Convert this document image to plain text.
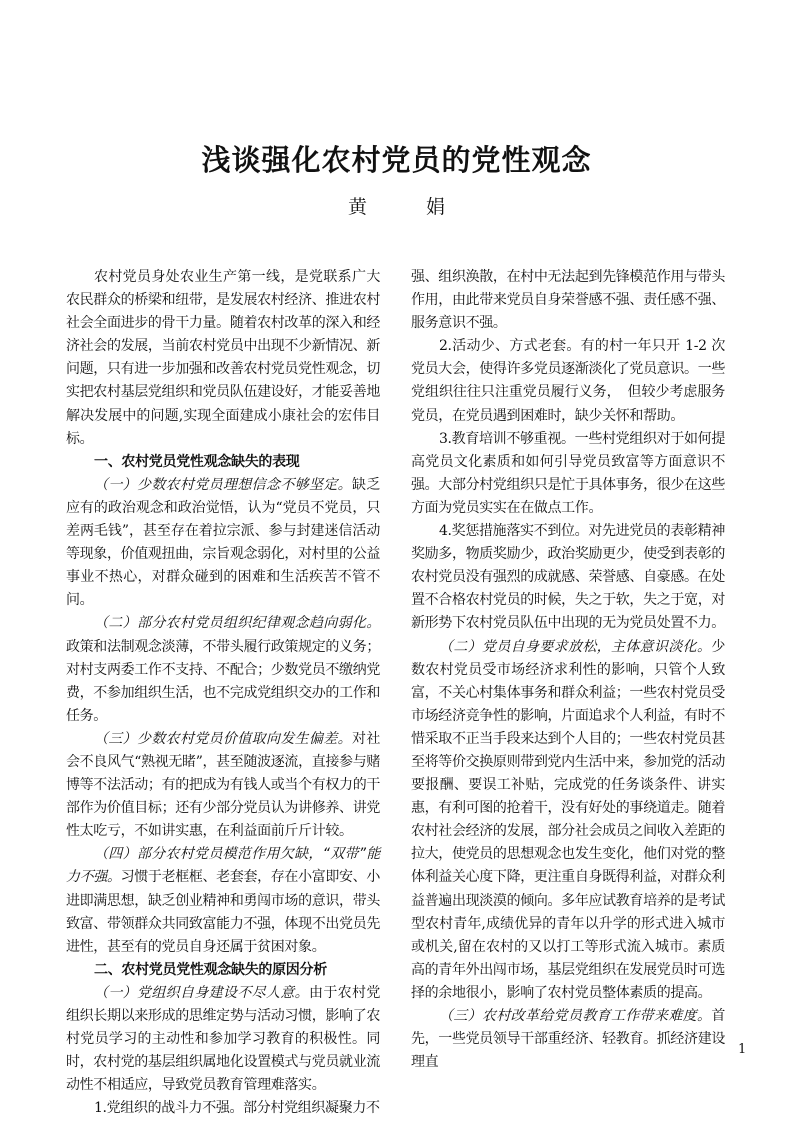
浅谈强化农村党员的党性观念
黄　娟

农村党员身处农业生产第一线，是党联系广大农民群众的桥梁和纽带，是发展农村经济、推进农村社会全面进步的骨干力量。随着农村改革的深入和经济社会的发展，当前农村党员中出现不少新情况、新问题，只有进一步加强和改善农村党员党性观念，切实把农村基层党组织和党员队伍建设好，才能妥善地解决发展中的问题,实现全面建成小康社会的宏伟目标。

一、农村党员党性观念缺失的表现

（一）少数农村党员理想信念不够坚定。缺乏应有的政治观念和政治觉悟，认为“党员不党员，只差两毛钱”，甚至存在着拉宗派、参与封建迷信活动等现象，价值观扭曲，宗旨观念弱化，对村里的公益事业不热心，对群众碰到的困难和生活疾苦不管不问。

（二）部分农村党员组织纪律观念趋向弱化。政策和法制观念淡薄，不带头履行政策规定的义务；对村支两委工作不支持、不配合；少数党员不缴纳党费，不参加组织生活，也不完成党组织交办的工作和任务。

（三）少数农村党员价值取向发生偏差。对社会不良风气“熟视无睹”，甚至随波逐流，直接参与赌博等不法活动；有的把成为有钱人或当个有权力的干部作为价值目标；还有少部分党员认为讲修养、讲党性太吃亏，不如讲实惠，在利益面前斤斤计较。

（四）部分农村党员模范作用欠缺，“双带”能力不强。习惯于老框框、老套套，存在小富即安、小进即满思想，缺乏创业精神和勇闯市场的意识，带头致富、带领群众共同致富能力不强，体现不出党员先进性，甚至有的党员自身还属于贫困对象。

二、农村党员党性观念缺失的原因分析

（一）党组织自身建设不尽人意。由于农村党组织长期以来形成的思维定势与活动习惯，影响了农村党员学习的主动性和参加学习教育的积极性。同时，农村党的基层组织属地化设置模式与党员就业流动性不相适应，导致党员教育管理难落实。

1.党组织的战斗力不强。部分村党组织凝聚力不

强、组织涣散，在村中无法起到先锋模范作用与带头作用，由此带来党员自身荣誉感不强、责任感不强、服务意识不强。

2.活动少、方式老套。有的村一年只开 1-2 次党员大会，使得许多党员逐渐淡化了党员意识。一些党组织往往只注重党员履行义务，　但较少考虑服务党员，在党员遇到困难时，缺少关怀和帮助。

3.教育培训不够重视。一些村党组织对于如何提高党员文化素质和如何引导党员致富等方面意识不强。大部分村党组织只是忙于具体事务，很少在这些方面为党员实实在在做点工作。

4.奖惩措施落实不到位。对先进党员的表彰精神奖励多，物质奖励少，政治奖励更少，使受到表彰的农村党员没有强烈的成就感、荣誉感、自豪感。在处置不合格农村党员的时候，失之于软，失之于宽，对新形势下农村党员队伍中出现的无为党员处置不力。

（二）党员自身要求放松，主体意识淡化。少数农村党员受市场经济求利性的影响，只管个人致富，不关心村集体事务和群众利益；一些农村党员受市场经济竞争性的影响，片面追求个人利益，有时不惜采取不正当手段来达到个人目的；一些农村党员甚至将等价交换原则带到党内生活中来，参加党的活动要报酬、要误工补贴，完成党的任务谈条件、讲实惠，有利可图的抢着干，没有好处的事绕道走。随着农村社会经济的发展，部分社会成员之间收入差距的拉大，使党员的思想观念也发生变化，他们对党的整体利益关心度下降，更注重自身既得利益，对群众利益普遍出现淡漠的倾向。多年应试教育培养的是考试型农村青年,成绩优异的青年以升学的形式进入城市或机关,留在农村的又以打工等形式流入城市。素质高的青年外出闯市场，基层党组织在发展党员时可选择的余地很小，影响了农村党员整体素质的提高。

（三）农村改革给党员教育工作带来难度。首先，一些党员领导干部重经济、轻教育。抓经济建设理直

1
